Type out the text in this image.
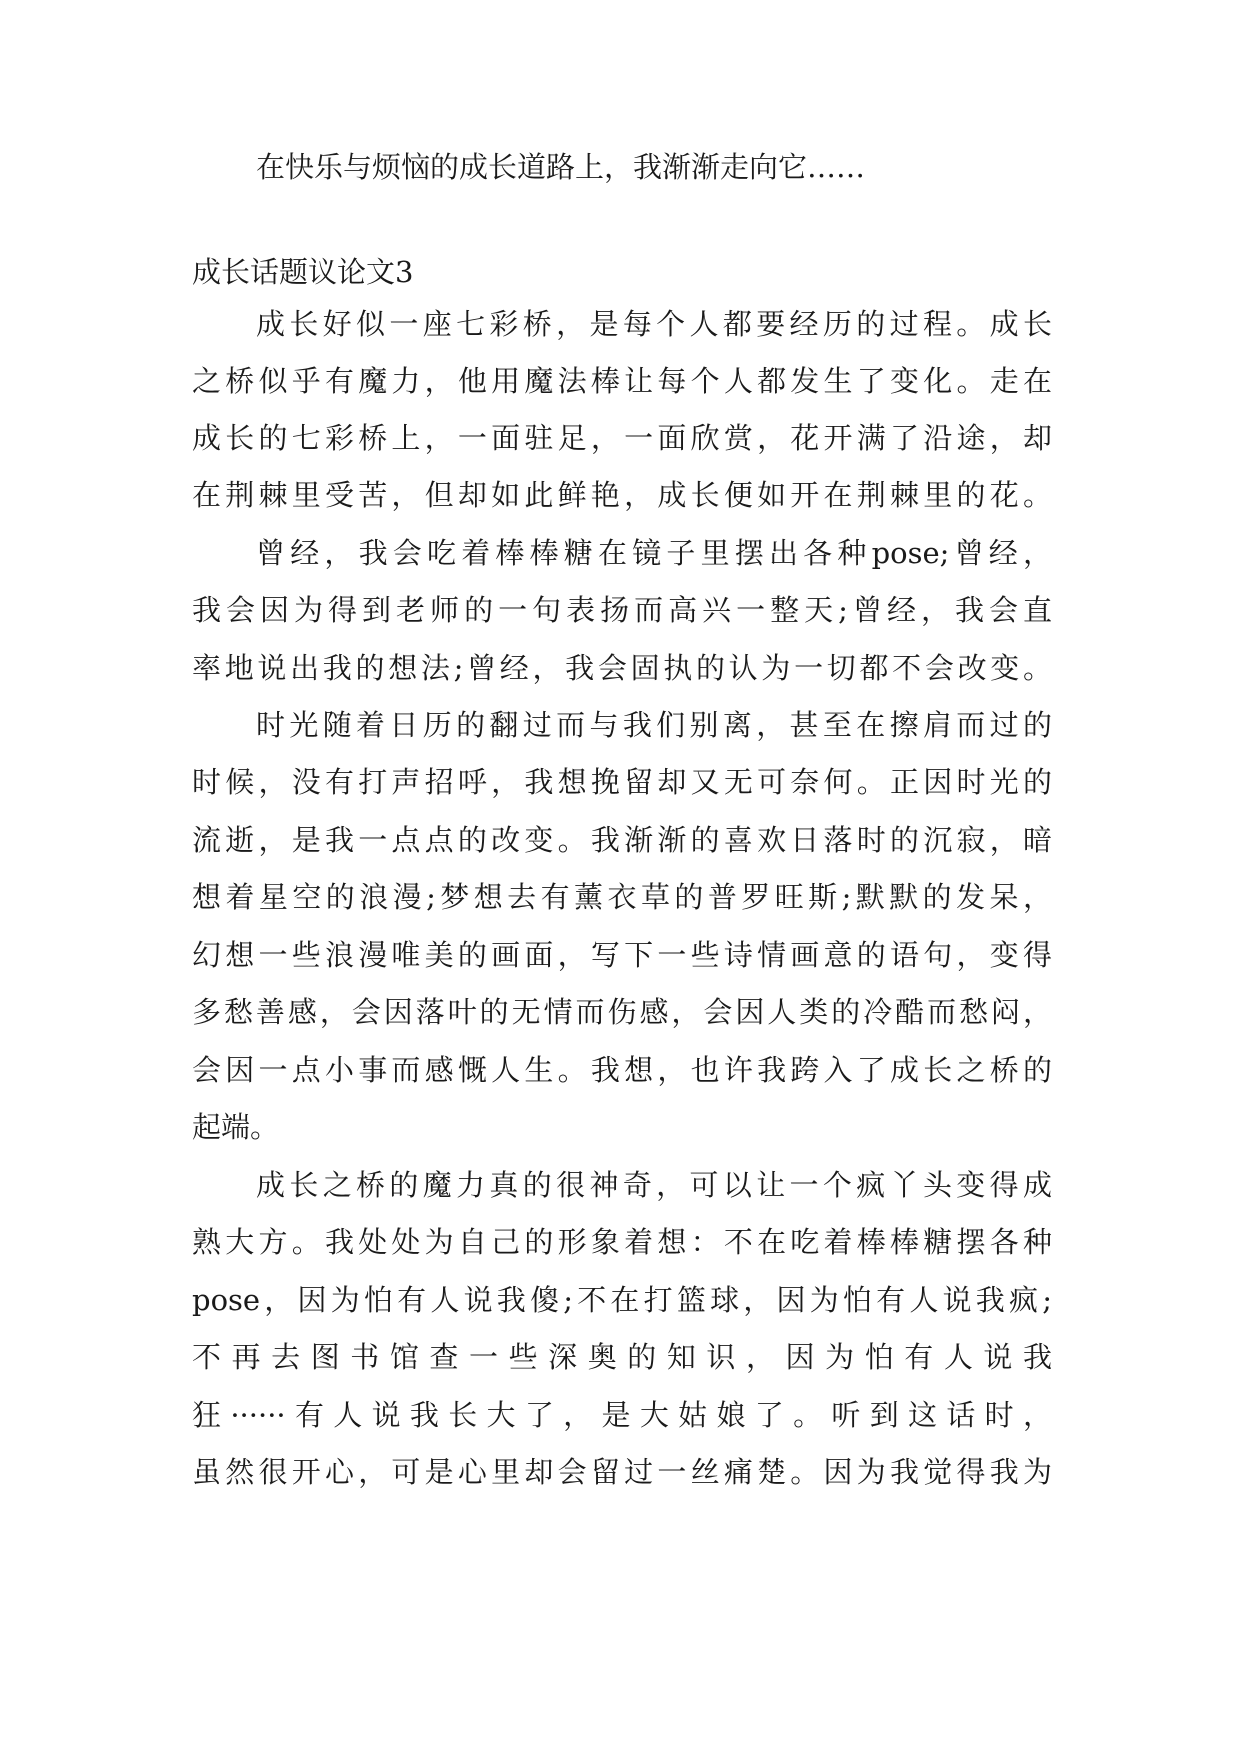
在快乐与烦恼的成长道路上，我渐渐走向它……

成长话题议论文3

成长好似一座七彩桥，是每个人都要经历的过程。成长

之桥似乎有魔力，他用魔法棒让每个人都发生了变化。走在

成长的七彩桥上，一面驻足，一面欣赏，花开满了沿途，却

在荆棘里受苦，但却如此鲜艳，成长便如开在荆棘里的花。

曾经，我会吃着棒棒糖在镜子里摆出各种pose;曾经，

我会因为得到老师的一句表扬而高兴一整天;曾经，我会直

率地说出我的想法;曾经，我会固执的认为一切都不会改变。

时光随着日历的翻过而与我们别离，甚至在擦肩而过的

时候，没有打声招呼，我想挽留却又无可奈何。正因时光的

流逝，是我一点点的改变。我渐渐的喜欢日落时的沉寂，暗

想着星空的浪漫;梦想去有薰衣草的普罗旺斯;默默的发呆，

幻想一些浪漫唯美的画面，写下一些诗情画意的语句，变得

多愁善感，会因落叶的无情而伤感，会因人类的冷酷而愁闷，

会因一点小事而感慨人生。我想，也许我跨入了成长之桥的

起端。

成长之桥的魔力真的很神奇，可以让一个疯丫头变得成

熟大方。我处处为自己的形象着想：不在吃着棒棒糖摆各种

pose，因为怕有人说我傻;不在打篮球，因为怕有人说我疯;

不再去图书馆查一些深奥的知识，因为怕有人说我

狂······有人说我长大了，是大姑娘了。听到这话时，

虽然很开心，可是心里却会留过一丝痛楚。因为我觉得我为
